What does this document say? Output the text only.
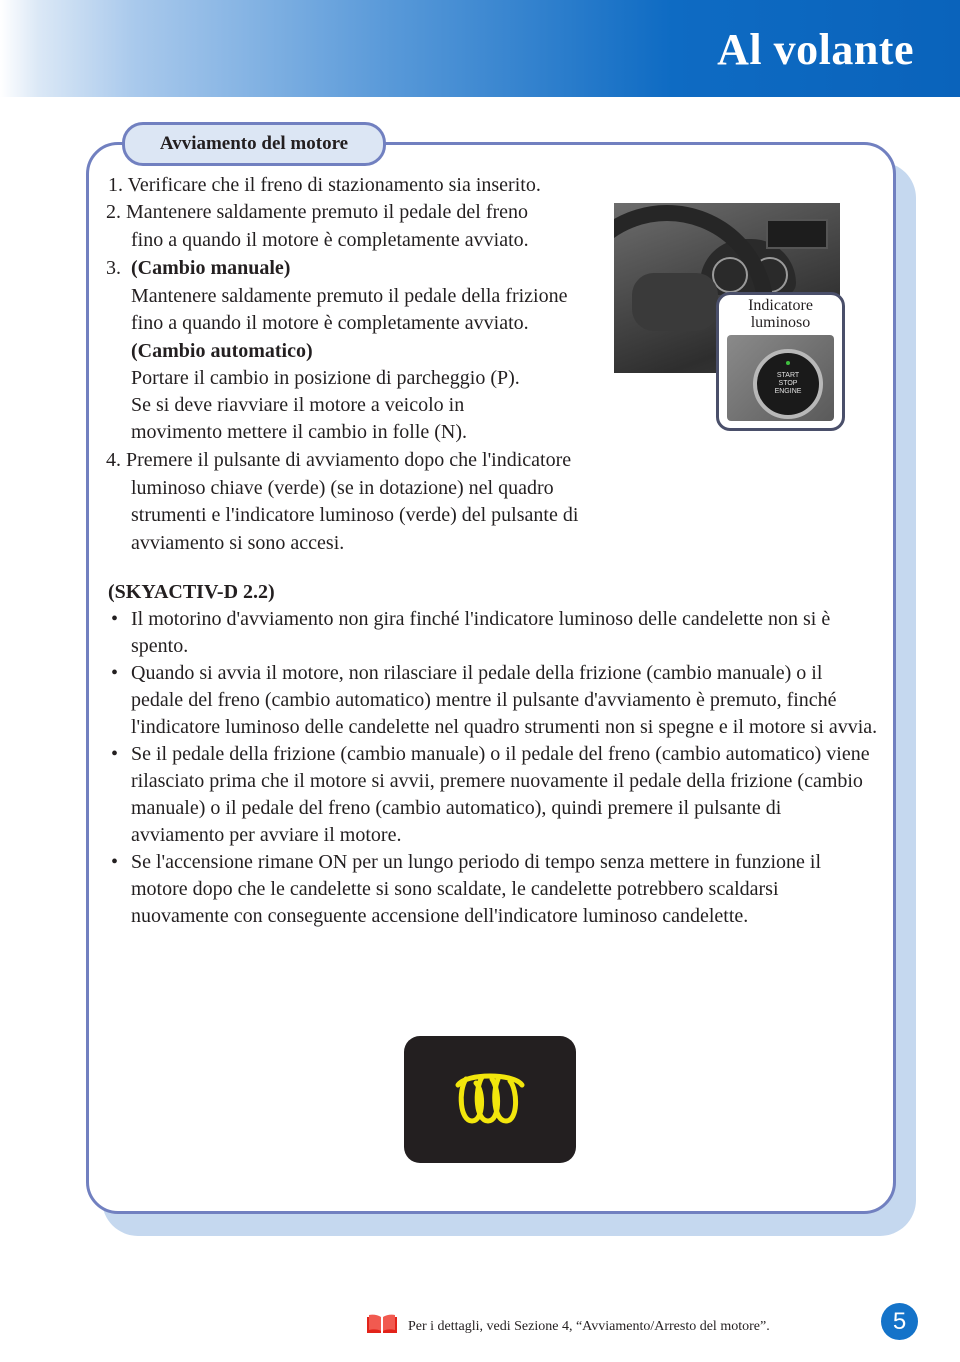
Al volante
Avviamento del motore
1. Verificare che il freno di stazionamento sia inserito.
2. Mantenere saldamente premuto il pedale del freno
fino a quando il motore è completamente avviato.
3. (Cambio manuale)
Mantenere saldamente premuto il pedale della frizione
fino a quando il motore è completamente avviato.
(Cambio automatico)
Portare il cambio in posizione di parcheggio (P).
Se si deve riavviare il motore a veicolo in
movimento mettere il cambio in folle (N).
4. Premere il pulsante di avviamento dopo che l'indicatore
luminoso chiave (verde) (se in dotazione) nel quadro
strumenti e l'indicatore luminoso (verde) del pulsante di
avviamento si sono accesi.
Indicatore
luminoso
START
STOP
ENGINE
(SKYACTIV-D 2.2)
• Il motorino d'avviamento non gira finché l'indicatore luminoso delle candelette non si è spento.
• Quando si avvia il motore, non rilasciare il pedale della frizione (cambio manuale) o il pedale del freno (cambio automatico) mentre il pulsante d'avviamento è premuto, finché l'indicatore luminoso delle candelette nel quadro strumenti non si spegne e il motore si avvia.
• Se il pedale della frizione (cambio manuale) o il pedale del freno (cambio automatico) viene rilasciato prima che il motore si avvii, premere nuovamente il pedale della frizione (cambio manuale) o il pedale del freno (cambio automatico), quindi premere il pulsante di avviamento per avviare il motore.
• Se l'accensione rimane ON per un lungo periodo di tempo senza mettere in funzione il motore dopo che le candelette si sono scaldate, le candelette potrebbero scaldarsi nuovamente con conseguente accensione dell'indicatore luminoso candelette.
Per i dettagli, vedi Sezione 4, “Avviamento/Arresto del motore”.	5
